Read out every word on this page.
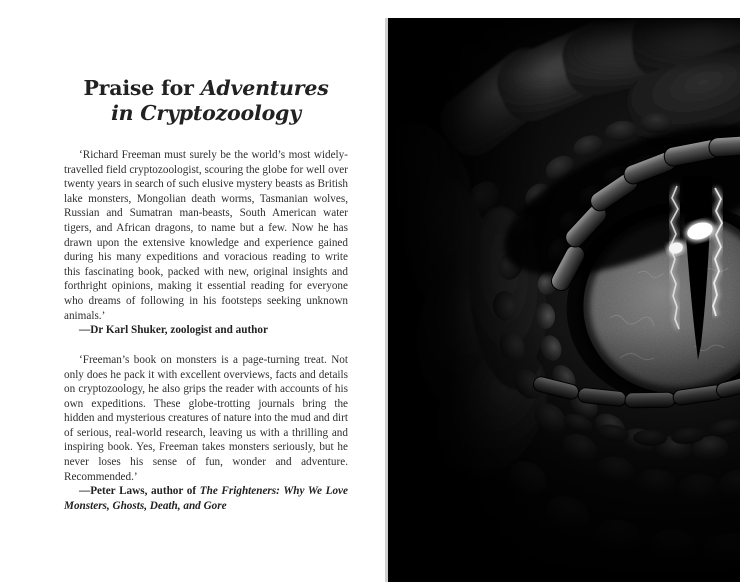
Praise for Adventures
in Cryptozoology

‘Richard Freeman must surely be the world’s most widely-travelled field cryptozoologist, scouring the globe for well over twenty years in search of such elusive mystery beasts as British lake monsters, Mongolian death worms, Tasmanian wolves, Russian and Sumatran man-beasts, South American water tigers, and African dragons, to name but a few. Now he has drawn upon the extensive knowledge and experience gained during his many expeditions and voracious reading to write this fascinating book, packed with new, original insights and forthright opinions, making it essential reading for everyone who dreams of following in his footsteps seeking unknown animals.’

—Dr Karl Shuker, zoologist and author

‘Freeman’s book on monsters is a page-turning treat. Not only does he pack it with excellent overviews, facts and details on cryptozoology, he also grips the reader with accounts of his own expeditions. These globe-trotting journals bring the hidden and mysterious creatures of nature into the mud and dirt of serious, real-world research, leaving us with a thrilling and inspiring book. Yes, Freeman takes monsters seriously, but he never loses his sense of fun, wonder and adventure. Recommended.’

—Peter Laws, author of The Frighteners: Why We Love Monsters, Ghosts, Death, and Gore
